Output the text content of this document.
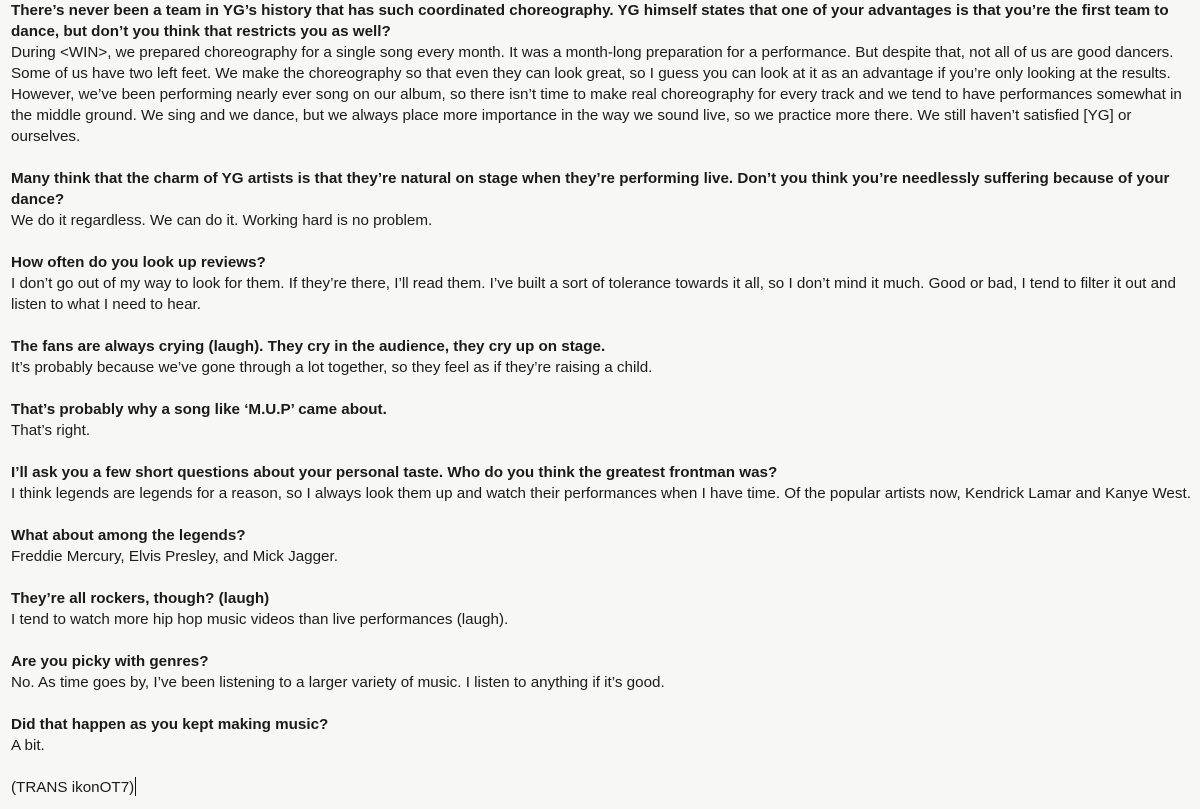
There’s never been a team in YG’s history that has such coordinated choreography. YG himself states that one of your advantages is that you’re the first team to dance, but don’t you think that restricts you as well?
During <WIN>, we prepared choreography for a single song every month. It was a month-long preparation for a performance. But despite that, not all of us are good dancers. Some of us have two left feet. We make the choreography so that even they can look great, so I guess you can look at it as an advantage if you’re only looking at the results. However, we’ve been performing nearly ever song on our album, so there isn’t time to make real choreography for every track and we tend to have performances somewhat in the middle ground. We sing and we dance, but we always place more importance in the way we sound live, so we practice more there. We still haven’t satisfied [YG] or ourselves.
Many think that the charm of YG artists is that they’re natural on stage when they’re performing live. Don’t you think you’re needlessly suffering because of your dance?
We do it regardless. We can do it. Working hard is no problem.
How often do you look up reviews?
I don’t go out of my way to look for them. If they’re there, I’ll read them. I’ve built a sort of tolerance towards it all, so I don’t mind it much. Good or bad, I tend to filter it out and listen to what I need to hear.
The fans are always crying (laugh). They cry in the audience, they cry up on stage.
It’s probably because we’ve gone through a lot together, so they feel as if they’re raising a child.
That’s probably why a song like ‘M.U.P’ came about.
That’s right.
I’ll ask you a few short questions about your personal taste. Who do you think the greatest frontman was?
I think legends are legends for a reason, so I always look them up and watch their performances when I have time. Of the popular artists now, Kendrick Lamar and Kanye West.
What about among the legends?
Freddie Mercury, Elvis Presley, and Mick Jagger.
They’re all rockers, though? (laugh)
I tend to watch more hip hop music videos than live performances (laugh).
Are you picky with genres?
No. As time goes by, I’ve been listening to a larger variety of music. I listen to anything if it’s good.
Did that happen as you kept making music?
A bit.
(TRANS ikonOT7)
